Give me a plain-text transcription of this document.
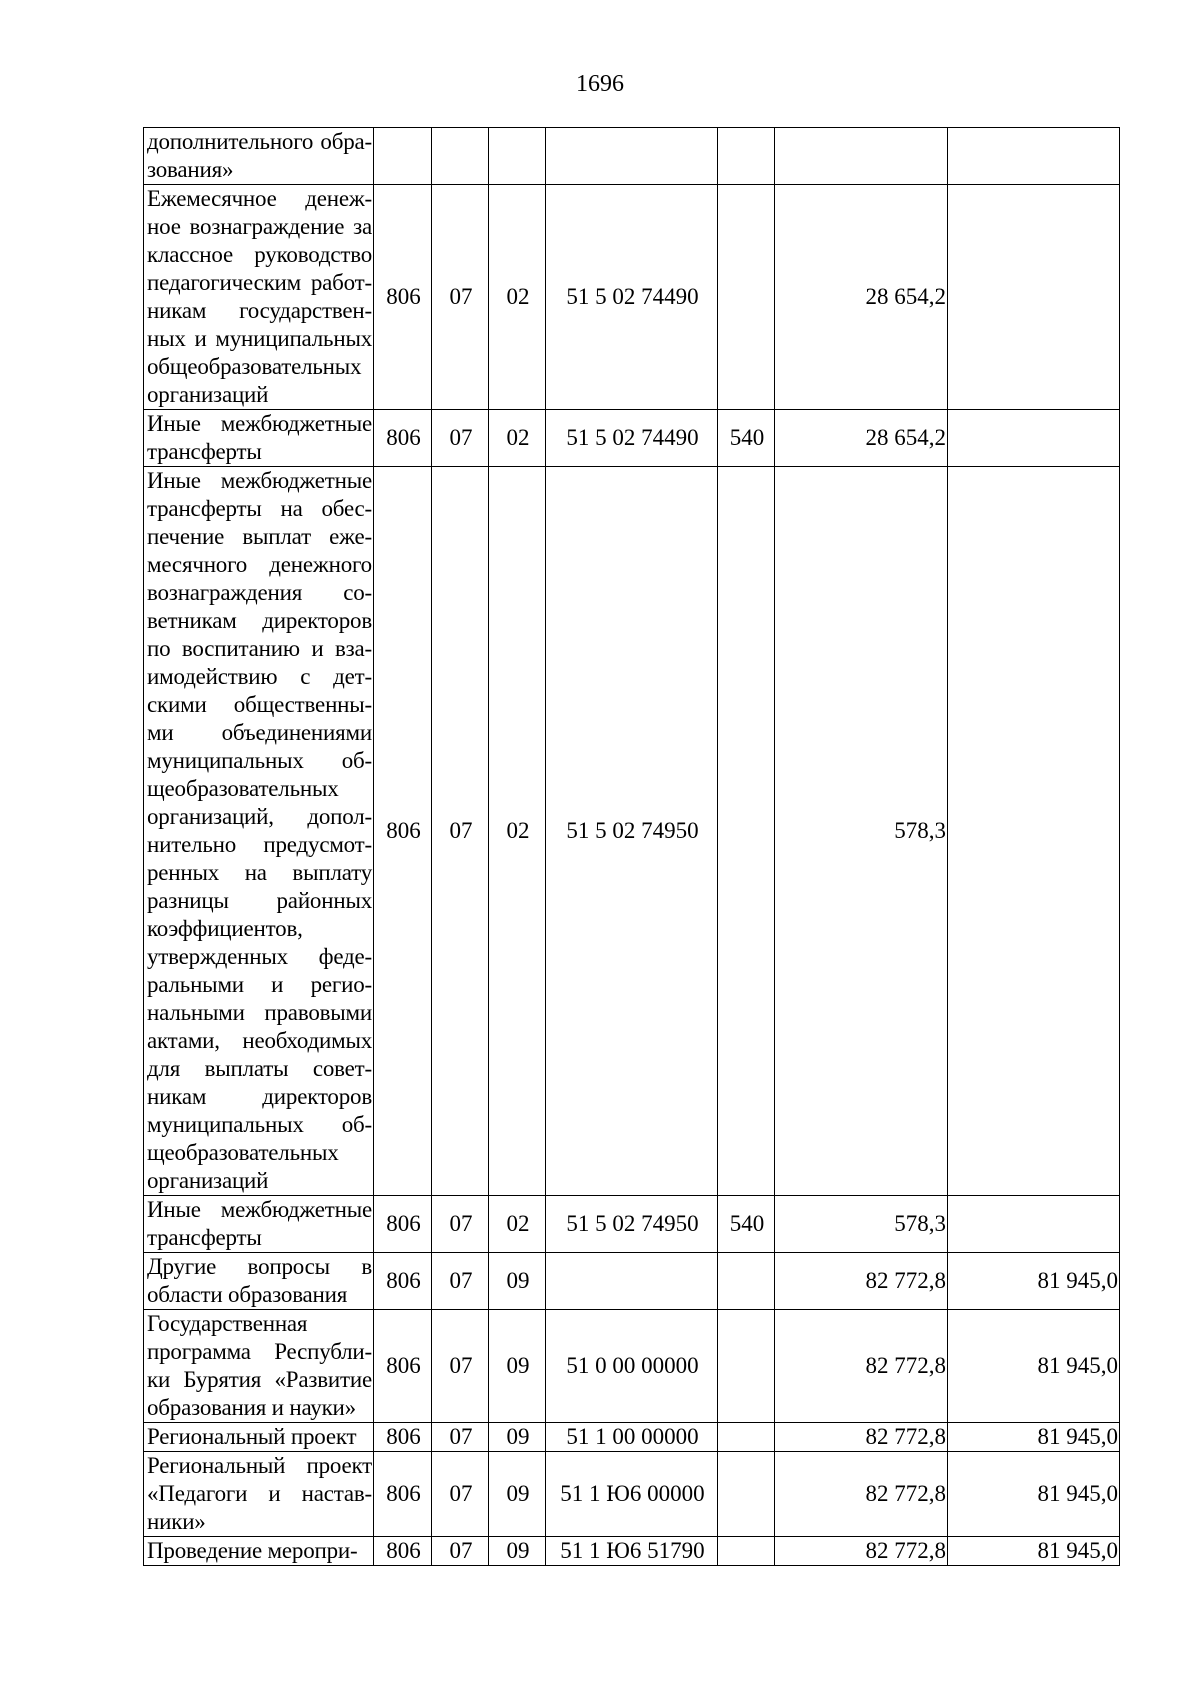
1696
дополнительного обра-зования»							
Ежемесячное денеж-ное вознаграждение за классное руководство педагогическим работ-никам государствен-ных и муниципальных общеобразовательных организаций	806	07	02	51 5 02 74490		28 654,2	
Иные межбюджетные трансферты	806	07	02	51 5 02 74490	540	28 654,2	
Иные межбюджетные трансферты на обес-печение выплат еже-месячного денежного вознаграждения со-ветникам директоров по воспитанию и вза-имодействию с дет-скими общественны-ми объединениями муниципальных об-щеобразовательных организаций, допол-нительно предусмот-ренных на выплату разницы районных коэффициентов, утвержденных феде-ральными и регио-нальными правовыми актами, необходимых для выплаты совет-никам директоров муниципальных об-щеобразовательных организаций	806	07	02	51 5 02 74950		578,3	
Иные межбюджетные трансферты	806	07	02	51 5 02 74950	540	578,3	
Другие вопросы в области образования	806	07	09			82 772,8	81 945,0
Государственная программа Республи-ки Бурятия «Развитие образования и науки»	806	07	09	51 0 00 00000		82 772,8	81 945,0
Региональный проект	806	07	09	51 1 00 00000		82 772,8	81 945,0
Региональный проект «Педагоги и настав-ники»	806	07	09	51 1 Ю6 00000		82 772,8	81 945,0
Проведение меропри-	806	07	09	51 1 Ю6 51790		82 772,8	81 945,0
